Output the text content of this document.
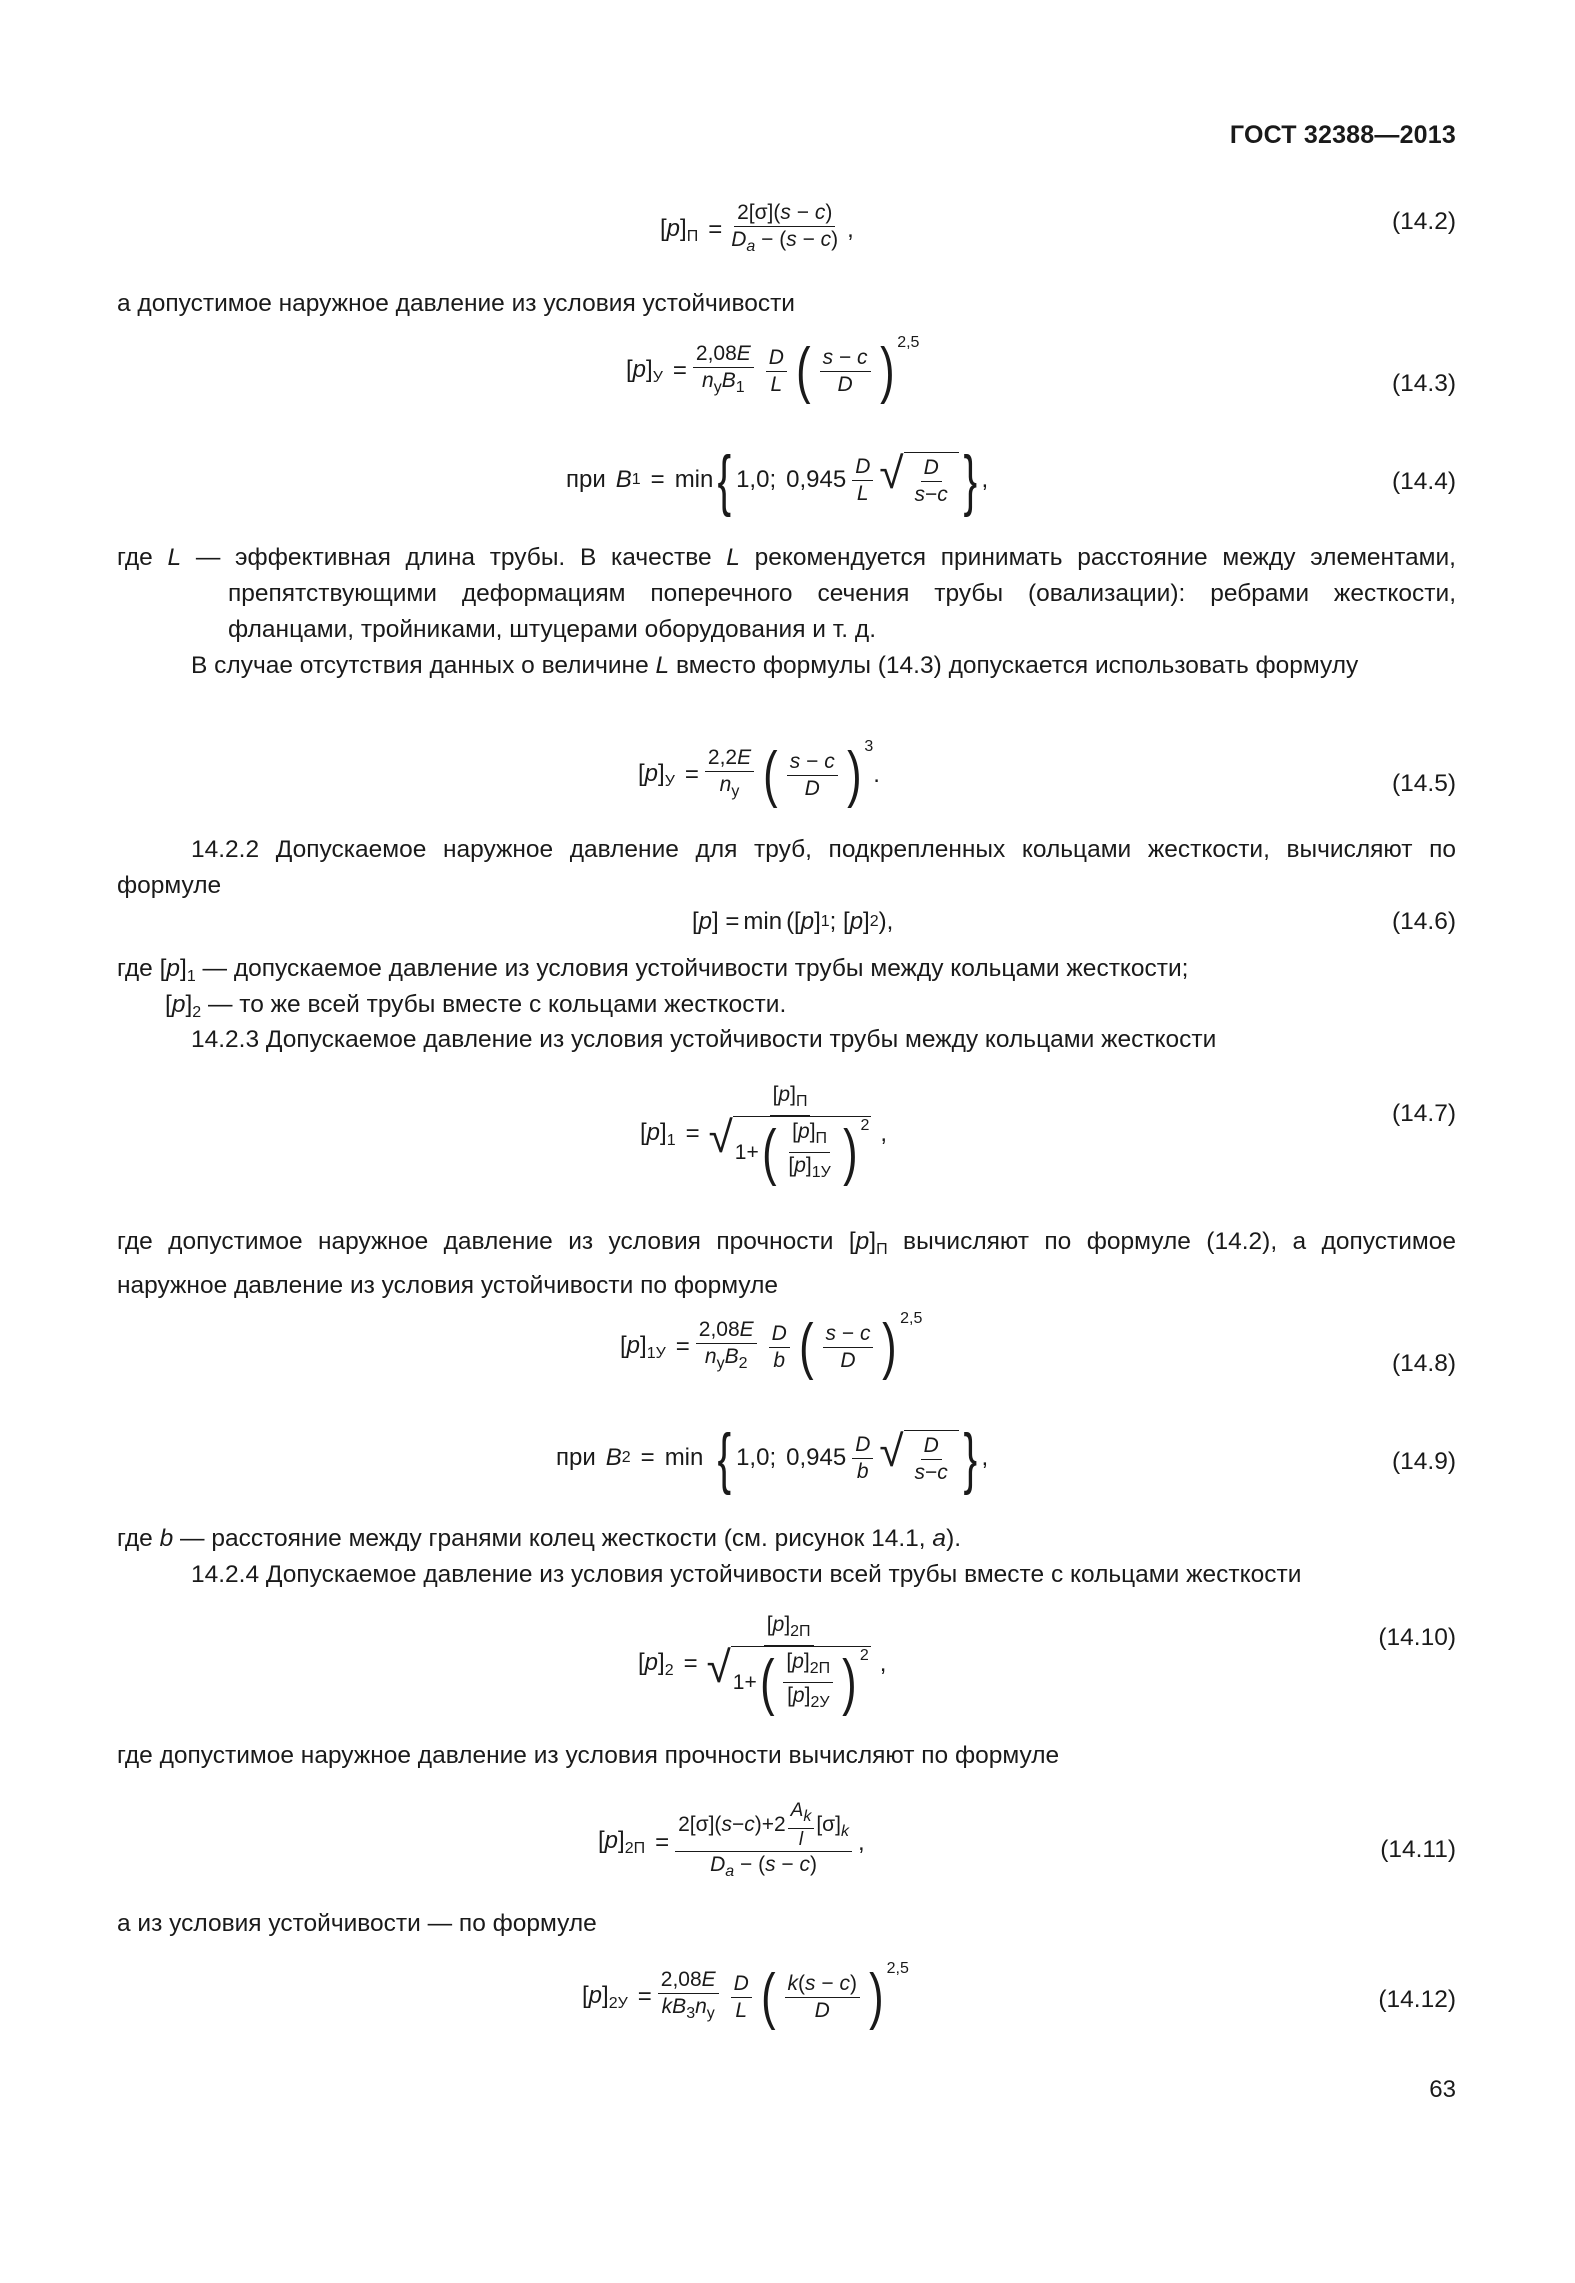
ГОСТ 32388—2013
$[p]_П$ =
2[σ](s − c)
$D_a - (s - c)$ ,	(14.2)

а допустимое наружное давление из условия устойчивости

$[p]_У$ =
2,08E
$n_уB_1$
D
L ( s − c
D ) 2,5
(14.3)
при B 1 = min { 1,0 ; 0,945 D
L √ D
s−c } ,	(14.4)

где L — эффективная длина трубы. В качестве L рекомендуется принимать расстояние между элементами, препятствующими деформациям поперечного сечения трубы (овализации): ребрами жесткости, фланцами, тройниками, штуцерами оборудования и т. д.

В случае отсутствия данных о величине L вместо формулы (14.3) допускается использовать формулу

$[p]_У$ =
2,2E
$n_у$ ( s − c
D ) 3
.	(14.5)

14.2.2 Допускаемое наружное давление для труб, подкрепленных кольцами жесткости, вычисляют по формуле

[ p ] = min ([ p ] 1 ; [ p ] 2 ),	(14.6)

где $[p]_1$ — допускаемое давление из условия устойчивости трубы между кольцами жесткости;

$[p]_2$ — то же всей трубы вместе с кольцами жесткости.

14.2.3 Допускаемое давление из условия устойчивости трубы между кольцами жесткости

$[p]_1$ =
$[p]_П$
√ 1+ ( $[p]_П$
$[p]_{1У}$ ) 2 ,
(14.7)

где допустимое наружное давление из условия прочности $[p]_П$ вычисляют по формуле (14.2), а допустимое наружное давление из условия устойчивости по формуле

$[p]_{1У}$ =
2,08E
$n_уB_2$
D
b ( s − c
D ) 2,5
(14.8)
при B 2 = min { 1,0 ; 0,945 D
b √ D
s−c } ,	(14.9)

где b — расстояние между гранями колец жесткости (см. рисунок 14.1, а).

14.2.4 Допускаемое давление из условия устойчивости всей трубы вместе с кольцами жесткости

$[p]_2$ =
$[p]_{2П}$
√ 1+ ( $[p]_{2П}$
$[p]_{2У}$ ) 2 ,
(14.10)

где допустимое наружное давление из условия прочности вычисляют по формуле

$[p]_{2П}$ =
$2[\sigma](s-c)+2 \frac{A_k}{l} [\sigma]_k$
$D_a - (s - c)$
,	(14.11)

а из условия устойчивости — по формуле

$[p]_{2У}$ =
2,08E
$kB_3n_у$
D
L ( k(s − c)
D ) 2,5
(14.12)
63
